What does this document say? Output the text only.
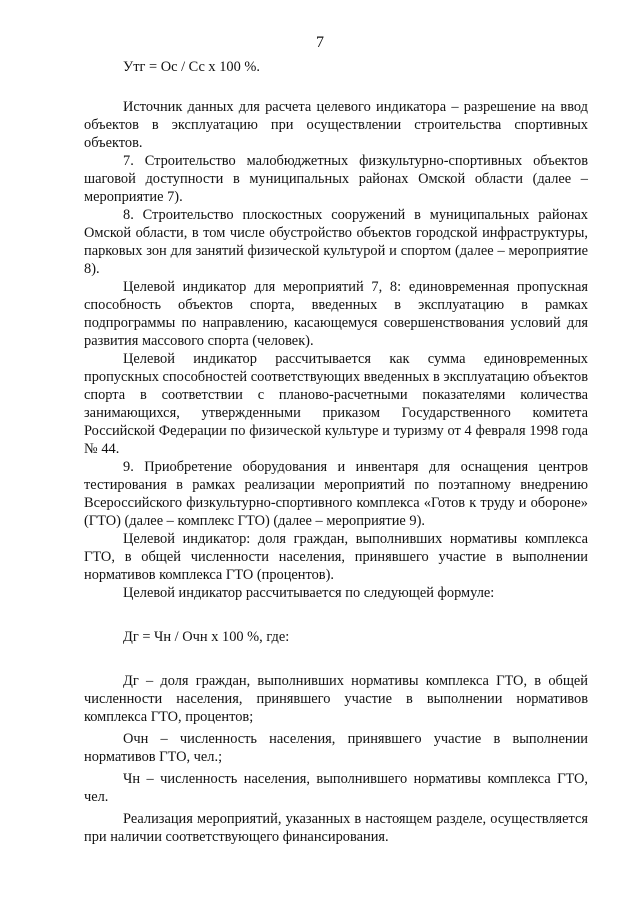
7

Утг = Ос / Сс х 100 %.

Источник данных для расчета целевого индикатора – разрешение на ввод объектов в эксплуатацию при осуществлении строительства спортивных объектов.

7. Строительство малобюджетных физкультурно-спортивных объектов шаговой доступности в муниципальных районах Омской области (далее – мероприятие 7).

8. Строительство плоскостных сооружений в муниципальных районах Омской области, в том числе обустройство объектов городской инфраструктуры, парковых зон для занятий физической культурой и спортом (далее – мероприятие 8).

Целевой индикатор для мероприятий 7, 8: единовременная пропускная способность объектов спорта, введенных в эксплуатацию в рамках подпрограммы по направлению, касающемуся совершенствования условий для развития массового спорта (человек).

Целевой индикатор рассчитывается как сумма единовременных пропускных способностей соответствующих введенных в эксплуатацию объектов спорта в соответствии с планово-расчетными показателями количества занимающихся, утвержденными приказом Государственного комитета Российской Федерации по физической культуре и туризму от 4 февраля 1998 года № 44.

9. Приобретение оборудования и инвентаря для оснащения центров тестирования в рамках реализации мероприятий по поэтапному внедрению Всероссийского физкультурно-спортивного комплекса «Готов к труду и обороне» (ГТО) (далее – комплекс ГТО) (далее – мероприятие 9).

Целевой индикатор: доля граждан, выполнивших нормативы комплекса ГТО, в общей численности населения, принявшего участие в выполнении нормативов комплекса ГТО (процентов).

Целевой индикатор рассчитывается по следующей формуле:

Дг = Чн / Очн х 100 %, где:

Дг – доля граждан, выполнивших нормативы комплекса ГТО, в общей численности населения, принявшего участие в выполнении нормативов комплекса ГТО, процентов;

Очн – численность населения, принявшего участие в выполнении нормативов ГТО, чел.;

Чн – численность населения, выполнившего нормативы комплекса ГТО, чел.

Реализация мероприятий, указанных в настоящем разделе, осуществляется при наличии соответствующего финансирования.
